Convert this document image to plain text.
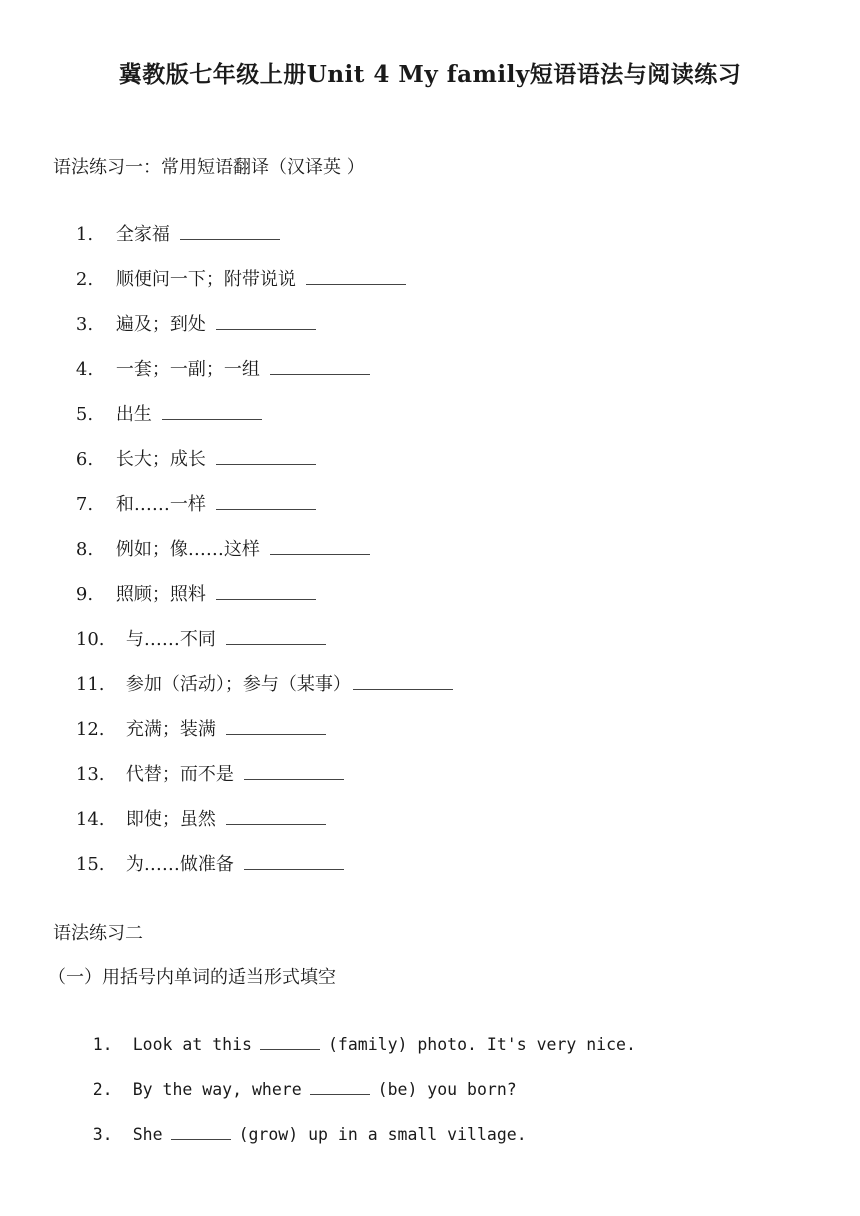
冀教版七年级上册Unit 4 My family短语语法与阅读练习
语法练习一：常用短语翻译（汉译英 ）

1. 全家福

2. 顺便问一下；附带说说

3. 遍及；到处

4. 一套；一副；一组

5. 出生

6. 长大；成长

7. 和……一样

8. 例如；像……这样

9. 照顾；照料

10. 与……不同

11. 参加（活动）；参与（某事）

12. 充满；装满

13. 代替；而不是

14. 即使；虽然

15. 为……做准备

语法练习二
（一）用括号内单词的适当形式填空

1. Look at this	(family) photo. It's very nice.

2. By the way, where	(be) you born?

3. She	(grow) up in a small village.
